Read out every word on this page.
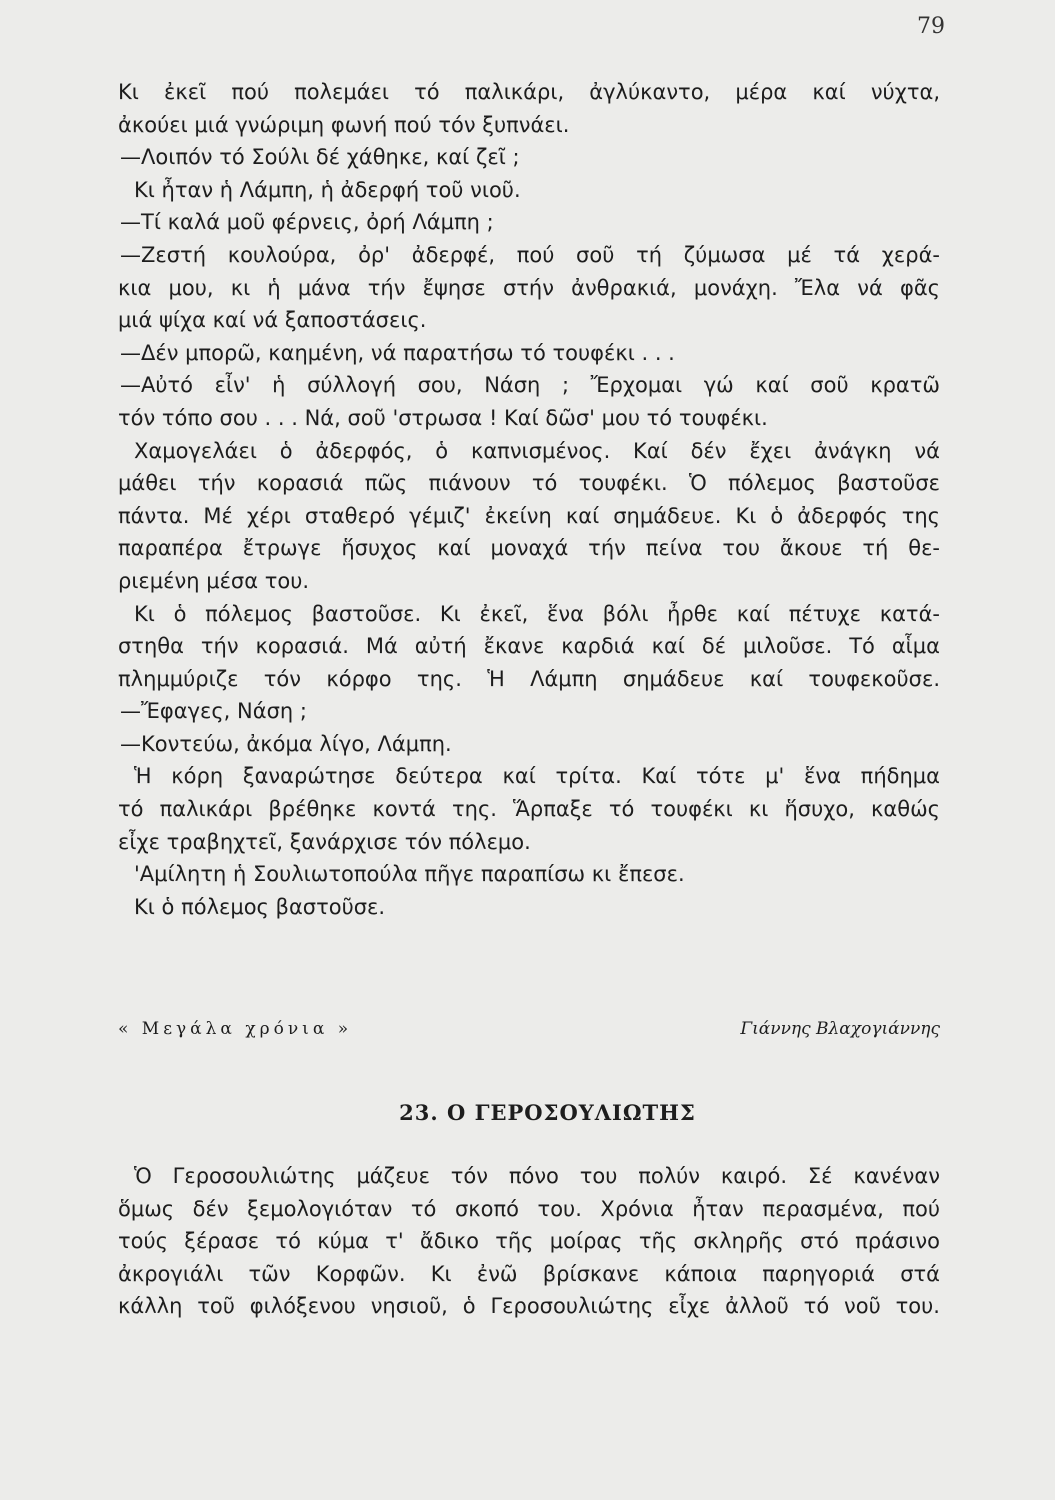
79
Κι ἐκεῖ πού πολεμάει τό παλικάρι, ἀγλύκαντο, μέρα καί νύχτα,
ἀκούει μιά γνώριμη φωνή πού τόν ξυπνάει.
—Λοιπόν τό Σούλι δέ χάθηκε, καί ζεῖ ;
Κι ἦταν ἡ Λάμπη, ἡ ἀδερφή τοῦ νιοῦ.
—Τί καλά μοῦ φέρνεις, ὀρή Λάμπη ;
—Ζεστή κουλούρα, ὀρ' ἀδερφέ, πού σοῦ τή ζύμωσα μέ τά χερά-
κια μου, κι ἡ μάνα τήν ἔψησε στήν ἀνθρακιά, μονάχη. Ἔλα νά φᾶς
μιά ψίχα καί νά ξαποστάσεις.
—Δέν μπορῶ, καημένη, νά παρατήσω τό τουφέκι . . .
—Αὐτό εἶν' ἡ σύλλογή σου, Νάση ; Ἔρχομαι γώ καί σοῦ κρατῶ
τόν τόπο σου . . . Νά, σοῦ 'στρωσα ! Καί δῶσ' μου τό τουφέκι.
Χαμογελάει ὁ ἀδερφός, ὁ καπνισμένος. Καί δέν ἔχει ἀνάγκη νά
μάθει τήν κορασιά πῶς πιάνουν τό τουφέκι. Ὁ πόλεμος βαστοῦσε
πάντα. Μέ χέρι σταθερό γέμιζ' ἐκείνη καί σημάδευε. Κι ὁ ἀδερφός της
παραπέρα ἔτρωγε ἥσυχος καί μοναχά τήν πείνα του ἄκουε τή θε-
ριεμένη μέσα του.
Κι ὁ πόλεμος βαστοῦσε. Κι ἐκεῖ, ἕνα βόλι ἦρθε καί πέτυχε κατά-
στηθα τήν κορασιά. Μά αὐτή ἔκανε καρδιά καί δέ μιλοῦσε. Τό αἷμα
πλημμύριζε τόν κόρφο της. Ἡ Λάμπη σημάδευε καί τουφεκοῦσε.
—Ἔφαγες, Νάση ;
—Κοντεύω, ἀκόμα λίγο, Λάμπη.
Ἡ κόρη ξαναρώτησε δεύτερα καί τρίτα. Καί τότε μ' ἕνα πήδημα
τό παλικάρι βρέθηκε κοντά της. Ἅρπαξε τό τουφέκι κι ἥσυχο, καθώς
εἶχε τραβηχτεῖ, ξανάρχισε τόν πόλεμο.
'Αμίλητη ἡ Σουλιωτοπούλα πῆγε παραπίσω κι ἔπεσε.
Κι ὁ πόλεμος βαστοῦσε.
« Μεγάλα χρόνια »	Γιάννης Βλαχογιάννης
23. Ο ΓΕΡΟΣΟΥΛΙΩΤΗΣ
Ὁ Γεροσουλιώτης μάζευε τόν πόνο του πολύν καιρό. Σέ κανέναν
ὅμως δέν ξεμολογιόταν τό σκοπό του. Χρόνια ἦταν περασμένα, πού
τούς ξέρασε τό κύμα τ' ἄδικο τῆς μοίρας τῆς σκληρῆς στό πράσινο
ἀκρογιάλι τῶν Κορφῶν. Κι ἐνῶ βρίσκανε κάποια παρηγοριά στά
κάλλη τοῦ φιλόξενου νησιοῦ, ὁ Γεροσουλιώτης εἶχε ἀλλοῦ τό νοῦ του.
